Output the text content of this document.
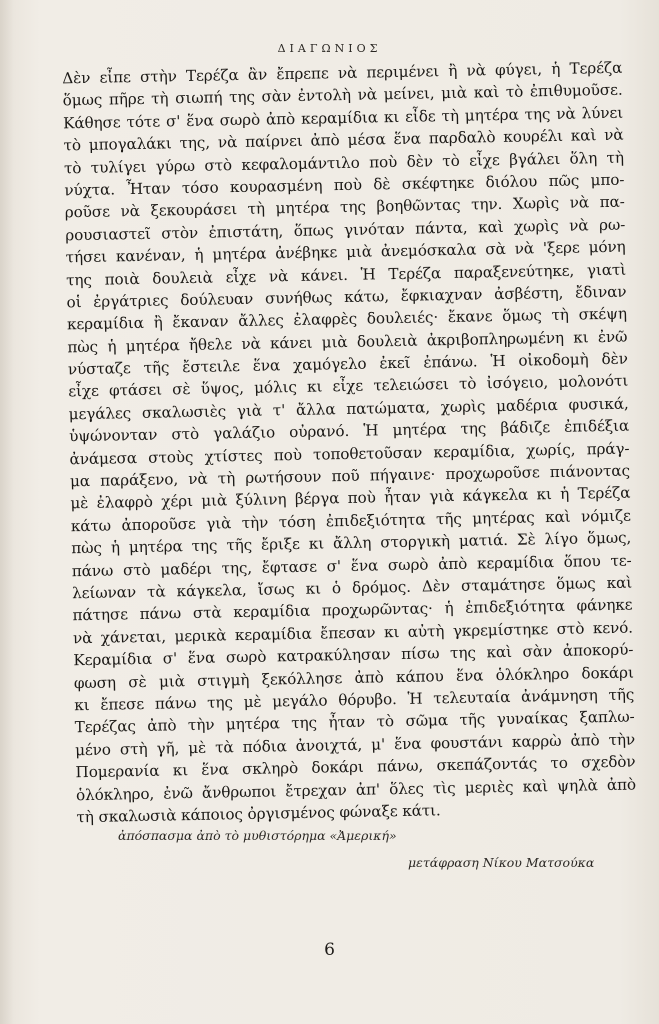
ΔΙΑΓΩΝΙΟΣ
Δὲν εἶπε στὴν Τερέζα ἂν ἔπρεπε νὰ περιμένει ἢ νὰ φύγει, ἡ Τερέζα
ὅμως πῆρε τὴ σιωπή της σὰν ἐντολὴ νὰ μείνει, μιὰ καὶ τὸ ἐπιθυμοῦσε.
Κάθησε τότε σ' ἕνα σωρὸ ἀπὸ κεραμίδια κι εἶδε τὴ μητέρα της νὰ λύνει
τὸ μπογαλάκι της, νὰ παίρνει ἀπὸ μέσα ἕνα παρδαλὸ κουρέλι καὶ νὰ
τὸ τυλίγει γύρω στὸ κεφαλομάντιλο ποὺ δὲν τὸ εἶχε βγάλει ὅλη τὴ
νύχτα. Ἦταν τόσο κουρασμένη ποὺ δὲ σκέφτηκε διόλου πῶς μπο-
ροῦσε νὰ ξεκουράσει τὴ μητέρα της βοηθῶντας την. Χωρὶς νὰ πα-
ρουσιαστεῖ στὸν ἐπιστάτη, ὅπως γινόταν πάντα, καὶ χωρὶς νὰ ρω-
τήσει κανέναν, ἡ μητέρα ἀνέβηκε μιὰ ἀνεμόσκαλα σὰ νὰ 'ξερε μόνη
της ποιὰ δουλειὰ εἶχε νὰ κάνει. Ἡ Τερέζα παραξενεύτηκε, γιατὶ
οἱ ἐργάτριες δούλευαν συνήθως κάτω, ἔφκιαχναν ἀσβέστη, ἔδιναν
κεραμίδια ἢ ἔκαναν ἄλλες ἐλαφρὲς δουλειές· ἔκανε ὅμως τὴ σκέψη
πὼς ἡ μητέρα ἤθελε νὰ κάνει μιὰ δουλειὰ ἀκριβοπληρωμένη κι ἐνῶ
νύσταζε τῆς ἔστειλε ἕνα χαμόγελο ἐκεῖ ἐπάνω. Ἡ οἰκοδομὴ δὲν
εἶχε φτάσει σὲ ὕψος, μόλις κι εἶχε τελειώσει τὸ ἰσόγειο, μολονότι
μεγάλες σκαλωσιὲς γιὰ τ' ἄλλα πατώματα, χωρὶς μαδέρια φυσικά,
ὑψώνονταν στὸ γαλάζιο οὐρανό. Ἡ μητέρα της βάδιζε ἐπιδέξια
ἀνάμεσα στοὺς χτίστες ποὺ τοποθετοῦσαν κεραμίδια, χωρίς, πράγ-
μα παράξενο, νὰ τὴ ρωτήσουν ποῦ πήγαινε· προχωροῦσε πιάνοντας
μὲ ἐλαφρὸ χέρι μιὰ ξύλινη βέργα ποὺ ἦταν γιὰ κάγκελα κι ἡ Τερέζα
κάτω ἀποροῦσε γιὰ τὴν τόση ἐπιδεξιότητα τῆς μητέρας καὶ νόμιζε
πὼς ἡ μητέρα της τῆς ἔριξε κι ἄλλη στοργικὴ ματιά. Σὲ λίγο ὅμως,
πάνω στὸ μαδέρι της, ἔφτασε σ' ἕνα σωρὸ ἀπὸ κεραμίδια ὅπου τε-
λείωναν τὰ κάγκελα, ἴσως κι ὁ δρόμος. Δὲν σταμάτησε ὅμως καὶ
πάτησε πάνω στὰ κεραμίδια προχωρῶντας· ἡ ἐπιδεξιότητα φάνηκε
νὰ χάνεται, μερικὰ κεραμίδια ἔπεσαν κι αὐτὴ γκρεμίστηκε στὸ κενό.
Κεραμίδια σ' ἕνα σωρὸ κατρακύλησαν πίσω της καὶ σὰν ἀποκορύ-
φωση σὲ μιὰ στιγμὴ ξεκόλλησε ἀπὸ κάπου ἕνα ὁλόκληρο δοκάρι
κι ἔπεσε πάνω της μὲ μεγάλο θόρυβο. Ἡ τελευταία ἀνάμνηση τῆς
Τερέζας ἀπὸ τὴν μητέρα της ἦταν τὸ σῶμα τῆς γυναίκας ξαπλω-
μένο στὴ γῆ, μὲ τὰ πόδια ἀνοιχτά, μ' ἕνα φουστάνι καρρὼ ἀπὸ τὴν
Πομερανία κι ἕνα σκληρὸ δοκάρι πάνω, σκεπάζοντάς το σχεδὸν
ὁλόκληρο, ἐνῶ ἄνθρωποι ἔτρεχαν ἀπ' ὅλες τὶς μεριὲς καὶ ψηλὰ ἀπὸ
τὴ σκαλωσιὰ κάποιος ὀργισμένος φώναξε κάτι.
ἀπόσπασμα ἀπὸ τὸ μυθιστόρημα «Ἀμερική»
μετάφραση Νίκου Ματσούκα
6
